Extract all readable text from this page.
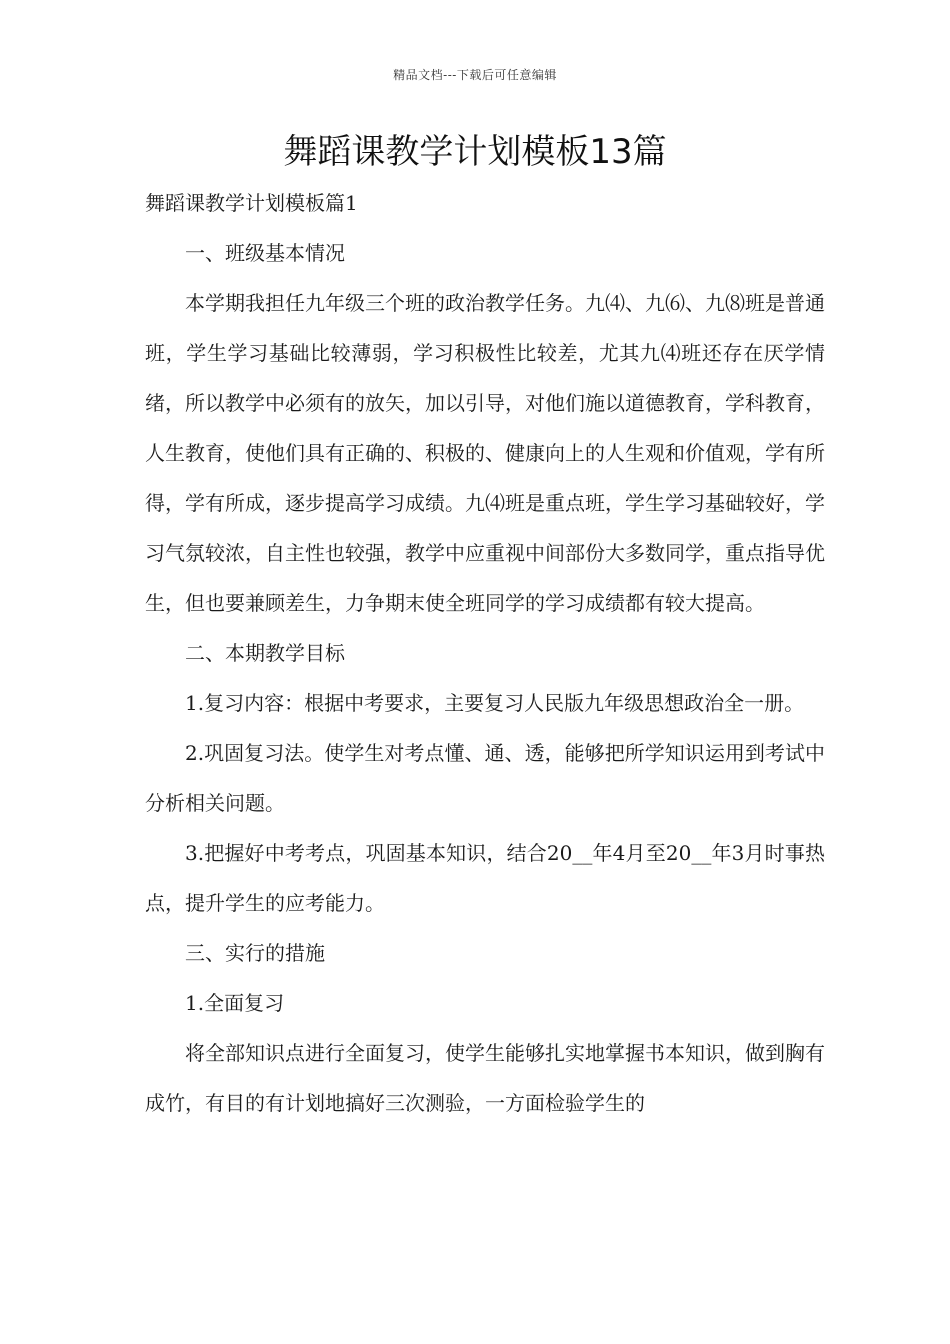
精品文档---下载后可任意编辑
舞蹈课教学计划模板13篇
舞蹈课教学计划模板篇1

一、班级基本情况

本学期我担任九年级三个班的政治教学任务。九⑷、九⑹、九⑻班是普通班，学生学习基础比较薄弱，学习积极性比较差，尤其九⑷班还存在厌学情绪，所以教学中必须有的放矢，加以引导，对他们施以道德教育，学科教育，人生教育，使他们具有正确的、积极的、健康向上的人生观和价值观，学有所得，学有所成，逐步提高学习成绩。九⑷班是重点班，学生学习基础较好，学习气氛较浓，自主性也较强，教学中应重视中间部份大多数同学，重点指导优生，但也要兼顾差生，力争期末使全班同学的学习成绩都有较大提高。

二、本期教学目标

1.复习内容：根据中考要求，主要复习人民版九年级思想政治全一册。

2.巩固复习法。使学生对考点懂、通、透，能够把所学知识运用到考试中分析相关问题。

3.把握好中考考点，巩固基本知识，结合20__年4月至20__年3月时事热点，提升学生的应考能力。

三、实行的措施

1.全面复习

将全部知识点进行全面复习，使学生能够扎实地掌握书本知识，做到胸有成竹，有目的有计划地搞好三次测验，一方面检验学生的
